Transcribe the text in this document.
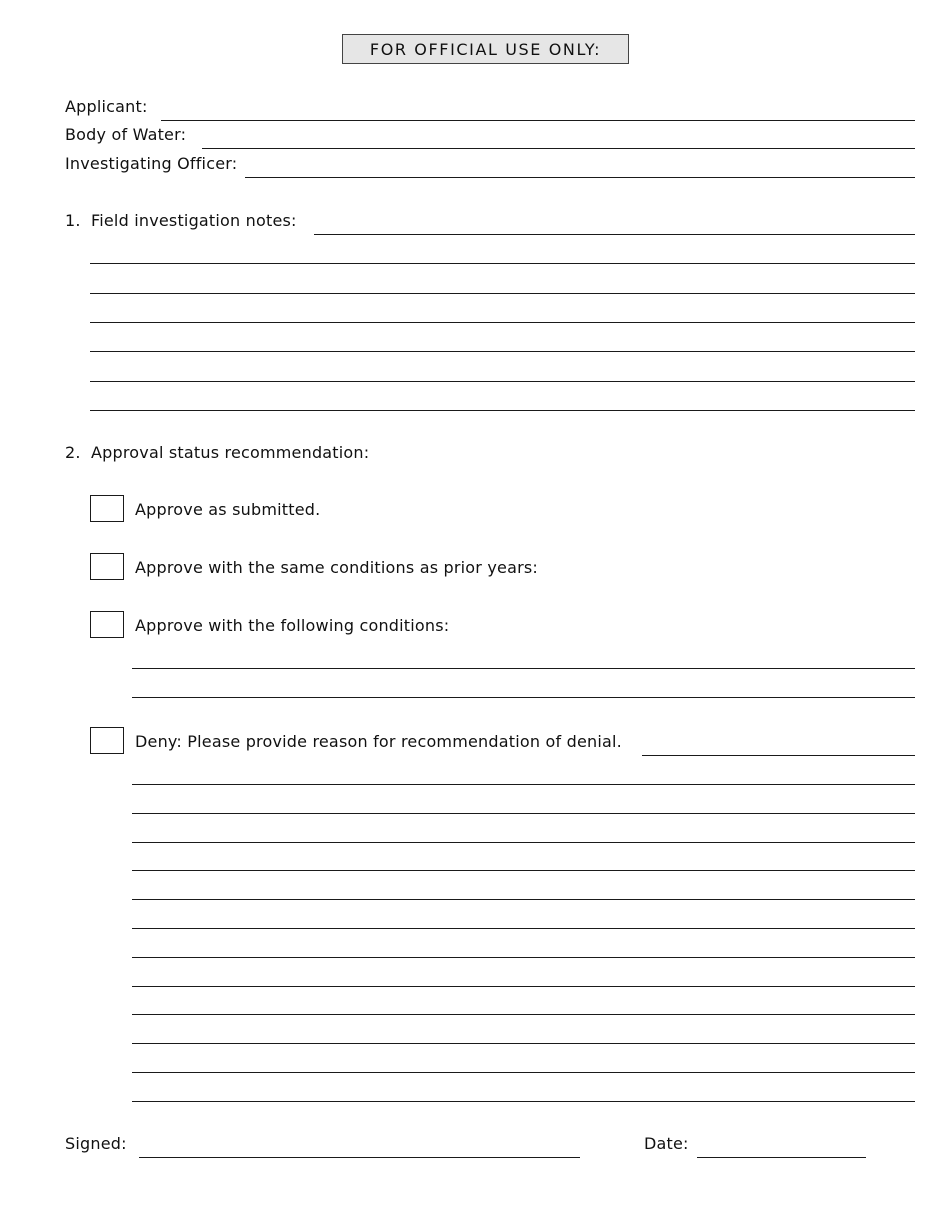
FOR OFFICIAL USE ONLY:
Applicant:
Body of Water:
Investigating Officer:
1. Field investigation notes:
2. Approval status recommendation:
Approve as submitted.
Approve with the same conditions as prior years:
Approve with the following conditions:
Deny: Please provide reason for recommendation of denial.
Signed:	Date:
